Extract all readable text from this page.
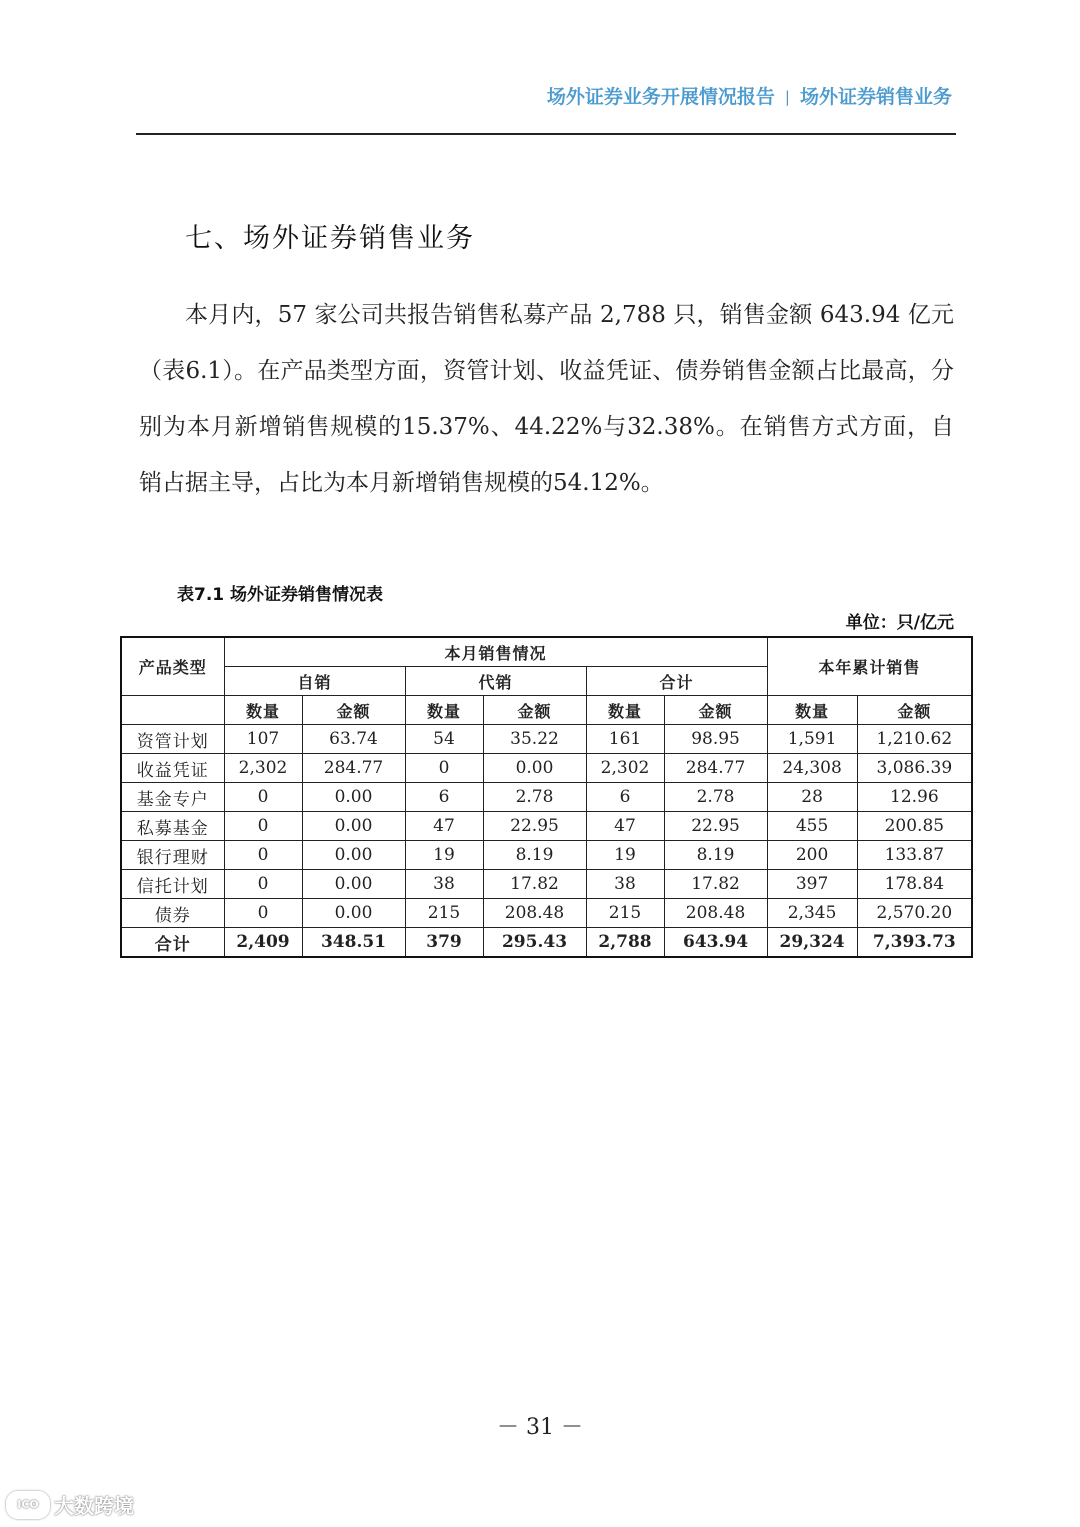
场外证券业务开展情况报告 | 场外证券销售业务
七、场外证券销售业务
本月内，57 家公司共报告销售私募产品 2,788 只，销售金额 643.94 亿元（表6.1）。在产品类型方面，资管计划、收益凭证、债券销售金额占比最高，分别为本月新增销售规模的15.37%、44.22%与32.38%。在销售方式方面，自销占据主导，占比为本月新增销售规模的54.12%。
表7.1 场外证券销售情况表
单位：只/亿元
产品类型	本月销售情况						本年累计销售	
	自销		代销		合计			
	数量	金额	数量	金额	数量	金额	数量	金额
资管计划	107	63.74	54	35.22	161	98.95	1,591	1,210.62
收益凭证	2,302	284.77	0	0.00	2,302	284.77	24,308	3,086.39
基金专户	0	0.00	6	2.78	6	2.78	28	12.96
私募基金	0	0.00	47	22.95	47	22.95	455	200.85
银行理财	0	0.00	19	8.19	19	8.19	200	133.87
信托计划	0	0.00	38	17.82	38	17.82	397	178.84
债券	0	0.00	215	208.48	215	208.48	2,345	2,570.20
合计	2,409	348.51	379	295.43	2,788	643.94	29,324	7,393.73
－ 31 －
ICO 大数跨境
